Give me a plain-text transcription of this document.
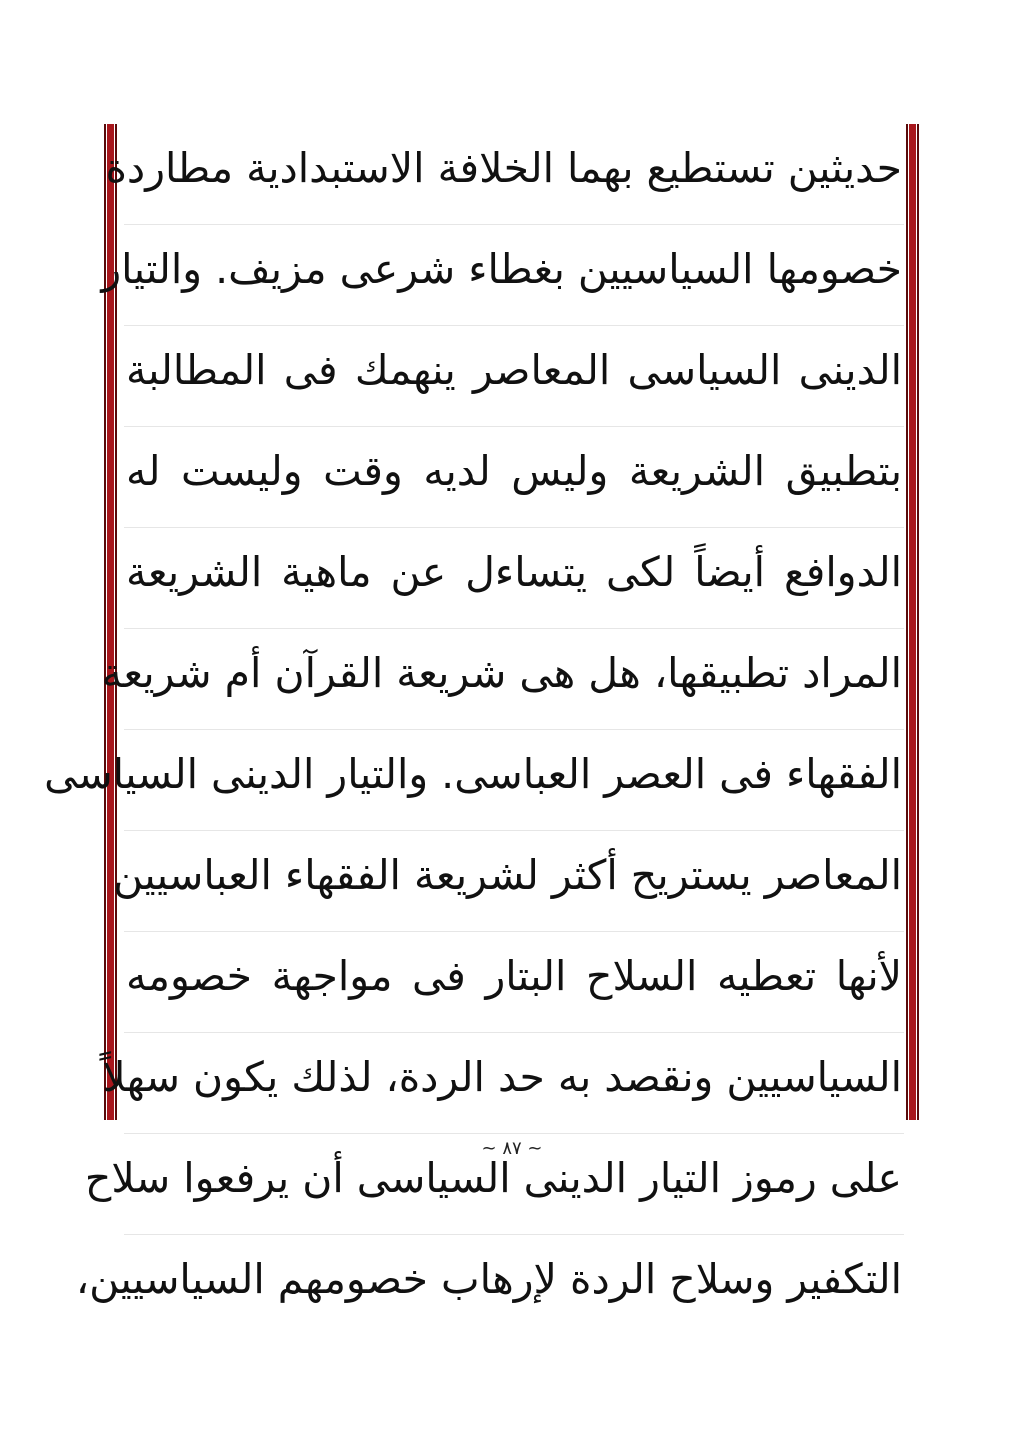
حديثين تستطيع بهما الخلافة الاستبدادية مطاردة
خصومها السياسيين بغطاء شرعى مزيف. والتيار
الدينى السياسى المعاصر ينهمك فى المطالبة
بتطبيق الشريعة وليس لديه وقت وليست له
الدوافع أيضاً لكى يتساءل عن ماهية الشريعة
المراد تطبيقها، هل هى شريعة القرآن أم شريعة
الفقهاء فى العصر العباسى. والتيار الدينى السياسى
المعاصر يستريح أكثر لشريعة الفقهاء العباسيين
لأنها تعطيه السلاح البتار فى مواجهة خصومه
السياسيين ونقصد به حد الردة، لذلك يكون سهلاً
على رموز التيار الدينى السياسى أن يرفعوا سلاح
التكفير وسلاح الردة لإرهاب خصومهم السياسيين،
~ ٨٧ ~
